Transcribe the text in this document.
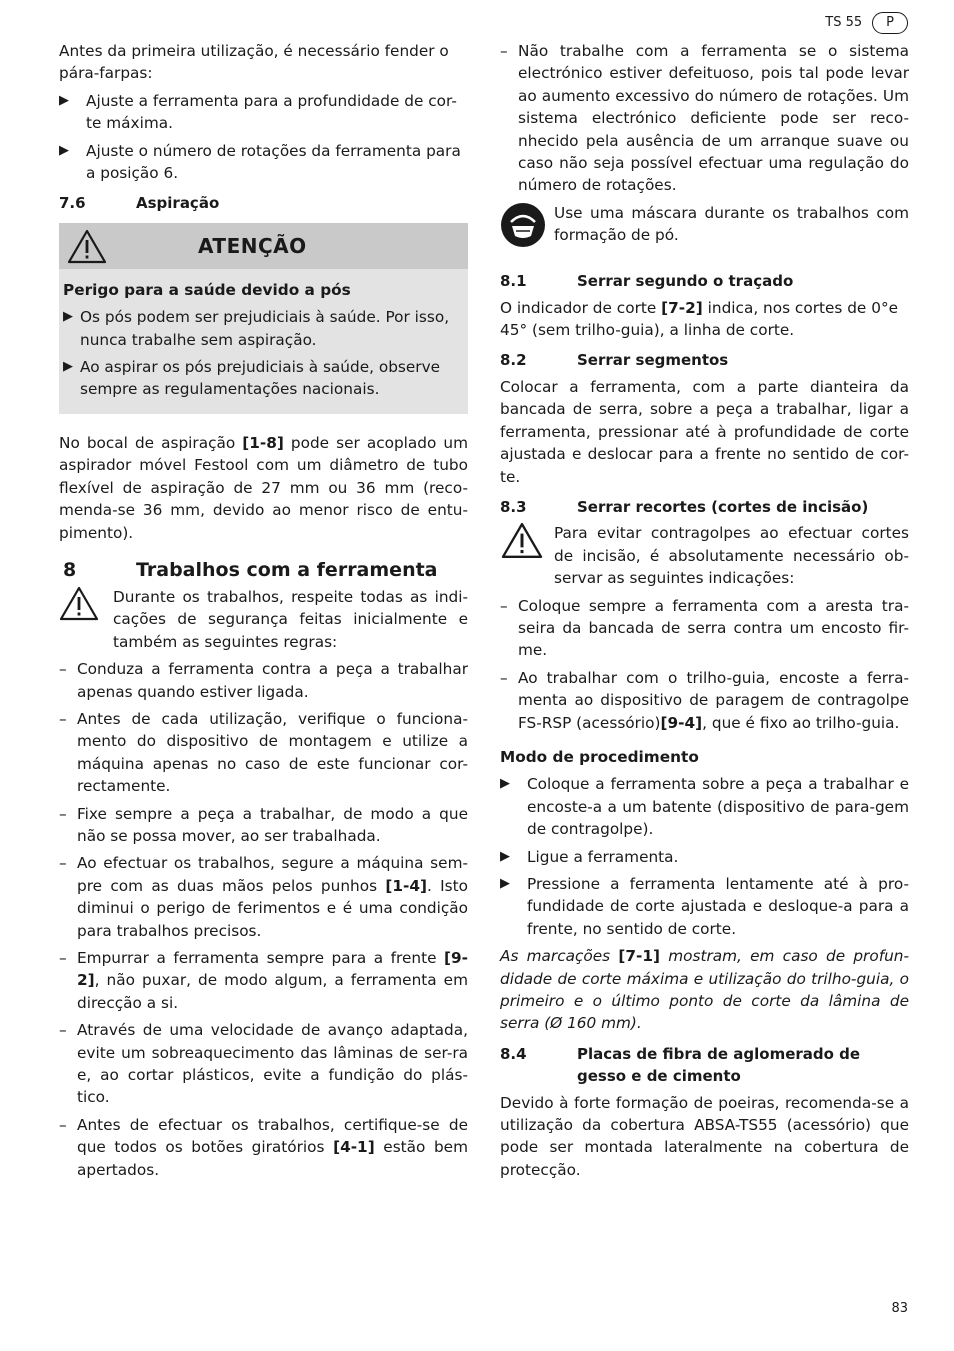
TS 55	P

Antes da primeira utilização, é necessário fender o pára-farpas:

▶	Ajuste a ferramenta para a profundidade de cor-te máxima.
▶	Ajuste o número de rotações da ferramenta para a posição 6.
7.6	Aspiração
ATENÇÃO

Perigo para a saúde devido a pós

▶ Os pós podem ser prejudiciais à saúde. Por isso, nunca trabalhe sem aspiração.
▶ Ao aspirar os pós prejudiciais à saúde, observe sempre as regulamentações nacionais.

No bocal de aspiração [1-8] pode ser acoplado um aspirador móvel Festool com um diâmetro de tubo flexível de aspiração de 27 mm ou 36 mm (reco-menda-se 36 mm, devido ao menor risco de entu-pimento).

8	Trabalhos com a ferramenta
Durante os trabalhos, respeite todas as indi-cações de segurança feitas inicialmente e também as seguintes regras:
– Conduza a ferramenta contra a peça a trabalhar apenas quando estiver ligada.
– Antes de cada utilização, verifique o funciona-mento do dispositivo de montagem e utilize a máquina apenas no caso de este funcionar cor-rectamente.
– Fixe sempre a peça a trabalhar, de modo a que não se possa mover, ao ser trabalhada.
– Ao efectuar os trabalhos, segure a máquina sem-pre com as duas mãos pelos punhos [1-4]. Isto diminui o perigo de ferimentos e é uma condição para trabalhos precisos.
– Empurrar a ferramenta sempre para a frente [9-2], não puxar, de modo algum, a ferramenta em direcção a si.
– Através de uma velocidade de avanço adaptada, evite um sobreaquecimento das lâminas de ser-ra e, ao cortar plásticos, evite a fundição do plás-tico.
– Antes de efectuar os trabalhos, certifique-se de que todos os botões giratórios [4-1] estão bem apertados.
– Não trabalhe com a ferramenta se o sistema electrónico estiver defeituoso, pois tal pode levar ao aumento excessivo do número de rotações. Um sistema electrónico deficiente pode ser reco-nhecido pela ausência de um arranque suave ou caso não seja possível efectuar uma regulação do número de rotações.
Use uma máscara durante os trabalhos com formação de pó.
8.1	Serrar segundo o traçado

O indicador de corte [7-2] indica, nos cortes de 0°e 45° (sem trilho-guia), a linha de corte.

8.2	Serrar segmentos

Colocar a ferramenta, com a parte dianteira da bancada de serra, sobre a peça a trabalhar, ligar a ferramenta, pressionar até à profundidade de corte ajustada e deslocar para a frente no sentido de cor-te.

8.3	Serrar recortes (cortes de incisão)
Para evitar contragolpes ao efectuar cortes de incisão, é absolutamente necessário ob-servar as seguintes indicações:
– Coloque sempre a ferramenta com a aresta tra-seira da bancada de serra contra um encosto fir-me.
– Ao trabalhar com o trilho-guia, encoste a ferra-menta ao dispositivo de paragem de contragolpe FS-RSP (acessório)[9-4], que é fixo ao trilho-guia.

Modo de procedimento

▶	Coloque a ferramenta sobre a peça a trabalhar e encoste-a a um batente (dispositivo de para-gem de contragolpe).
▶	Ligue a ferramenta.
▶	Pressione a ferramenta lentamente até à pro-fundidade de corte ajustada e desloque-a para a frente, no sentido de corte.

As marcações [7-1] mostram, em caso de profun-didade de corte máxima e utilização do trilho-guia, o primeiro e o último ponto de corte da lâmina de serra (Ø 160 mm).

8.4	Placas de fibra de aglomerado de gesso e de cimento

Devido à forte formação de poeiras, recomenda-se a utilização da cobertura ABSA-TS55 (acessório) que pode ser montada lateralmente na cobertura de protecção.

83
